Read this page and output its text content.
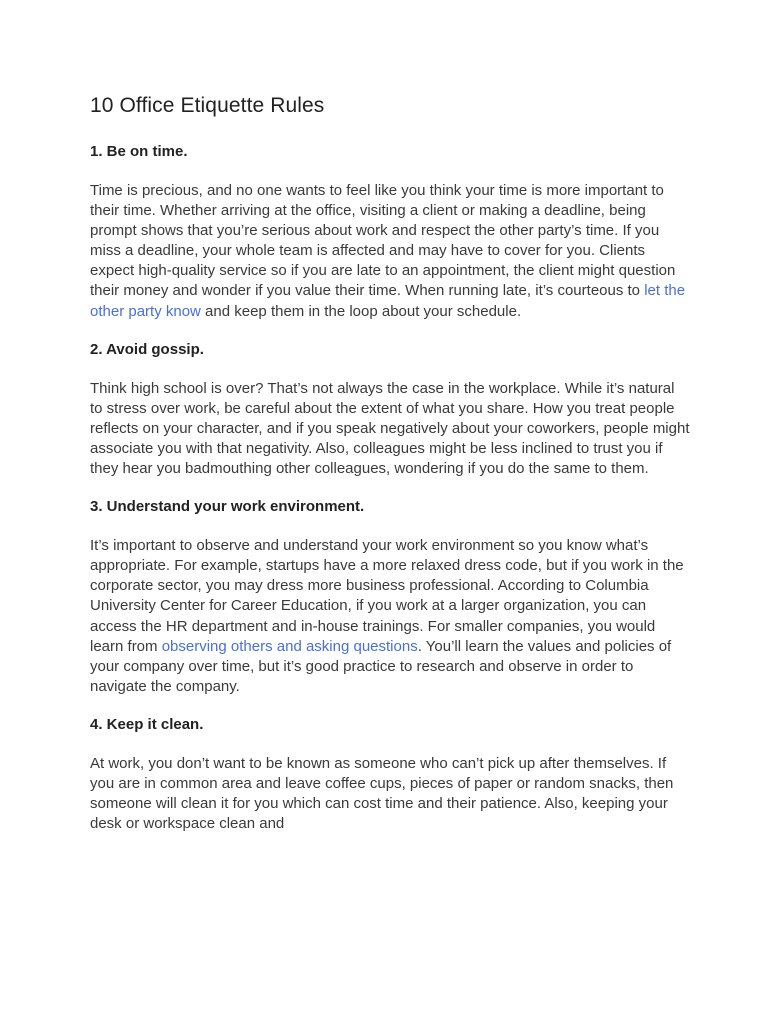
10 Office Etiquette Rules
1. Be on time.

Time is precious, and no one wants to feel like you think your time is more important to their time. Whether arriving at the office, visiting a client or making a deadline, being prompt shows that you’re serious about work and respect the other party’s time. If you miss a deadline, your whole team is affected and may have to cover for you. Clients expect high-quality service so if you are late to an appointment, the client might question their money and wonder if you value their time. When running late, it’s courteous to let the other party know and keep them in the loop about your schedule.

2. Avoid gossip.

Think high school is over? That’s not always the case in the workplace. While it’s natural to stress over work, be careful about the extent of what you share. How you treat people reflects on your character, and if you speak negatively about your coworkers, people might associate you with that negativity. Also, colleagues might be less inclined to trust you if they hear you badmouthing other colleagues, wondering if you do the same to them.

3. Understand your work environment.

It’s important to observe and understand your work environment so you know what’s appropriate. For example, startups have a more relaxed dress code, but if you work in the corporate sector, you may dress more business professional. According to Columbia University Center for Career Education, if you work at a larger organization, you can access the HR department and in-house trainings. For smaller companies, you would learn from observing others and asking questions. You’ll learn the values and policies of your company over time, but it’s good practice to research and observe in order to navigate the company.

4. Keep it clean.

At work, you don’t want to be known as someone who can’t pick up after themselves. If you are in common area and leave coffee cups, pieces of paper or random snacks, then someone will clean it for you which can cost time and their patience. Also, keeping your desk or workspace clean and
